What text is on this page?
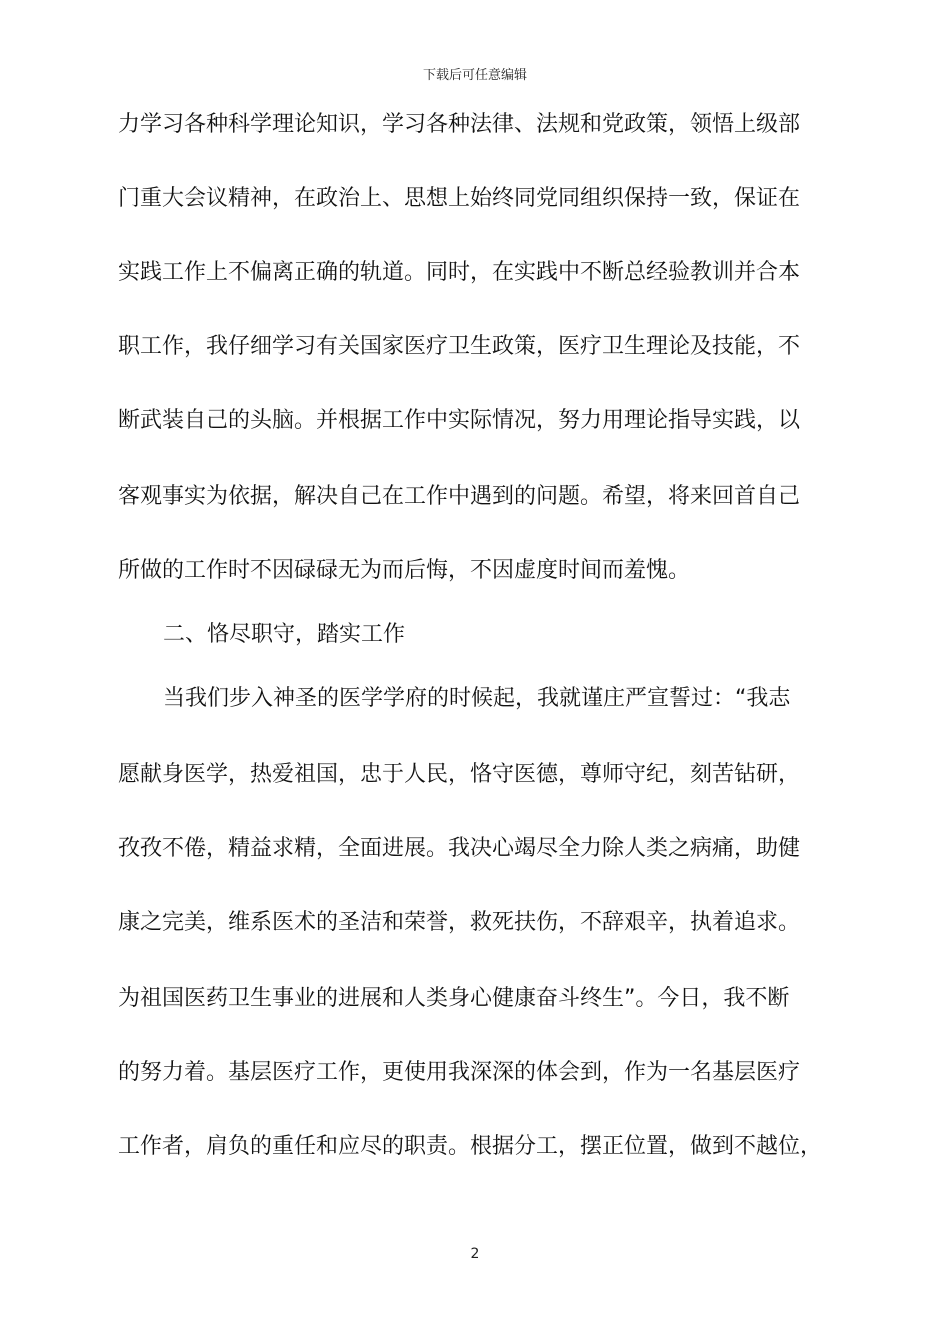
下载后可任意编辑
力学习各种科学理论知识，学习各种法律、法规和党政策，领悟上级部
门重大会议精神，在政治上、思想上始终同党同组织保持一致，保证在
实践工作上不偏离正确的轨道。同时，在实践中不断总经验教训并合本
职工作，我仔细学习有关国家医疗卫生政策，医疗卫生理论及技能，不
断武装自己的头脑。并根据工作中实际情况，努力用理论指导实践，以
客观事实为依据，解决自己在工作中遇到的问题。希望，将来回首自己
所做的工作时不因碌碌无为而后悔，不因虚度时间而羞愧。
二、恪尽职守，踏实工作
当我们步入神圣的医学学府的时候起，我就谨庄严宣誓过：“我志
愿献身医学，热爱祖国，忠于人民，恪守医德，尊师守纪，刻苦钻研，
孜孜不倦，精益求精，全面进展。我决心竭尽全力除人类之病痛，助健
康之完美，维系医术的圣洁和荣誉，救死扶伤，不辞艰辛，执着追求。
为祖国医药卫生事业的进展和人类身心健康奋斗终生”。今日，我不断
的努力着。基层医疗工作，更使用我深深的体会到，作为一名基层医疗
工作者，肩负的重任和应尽的职责。根据分工，摆正位置，做到不越位，
2
